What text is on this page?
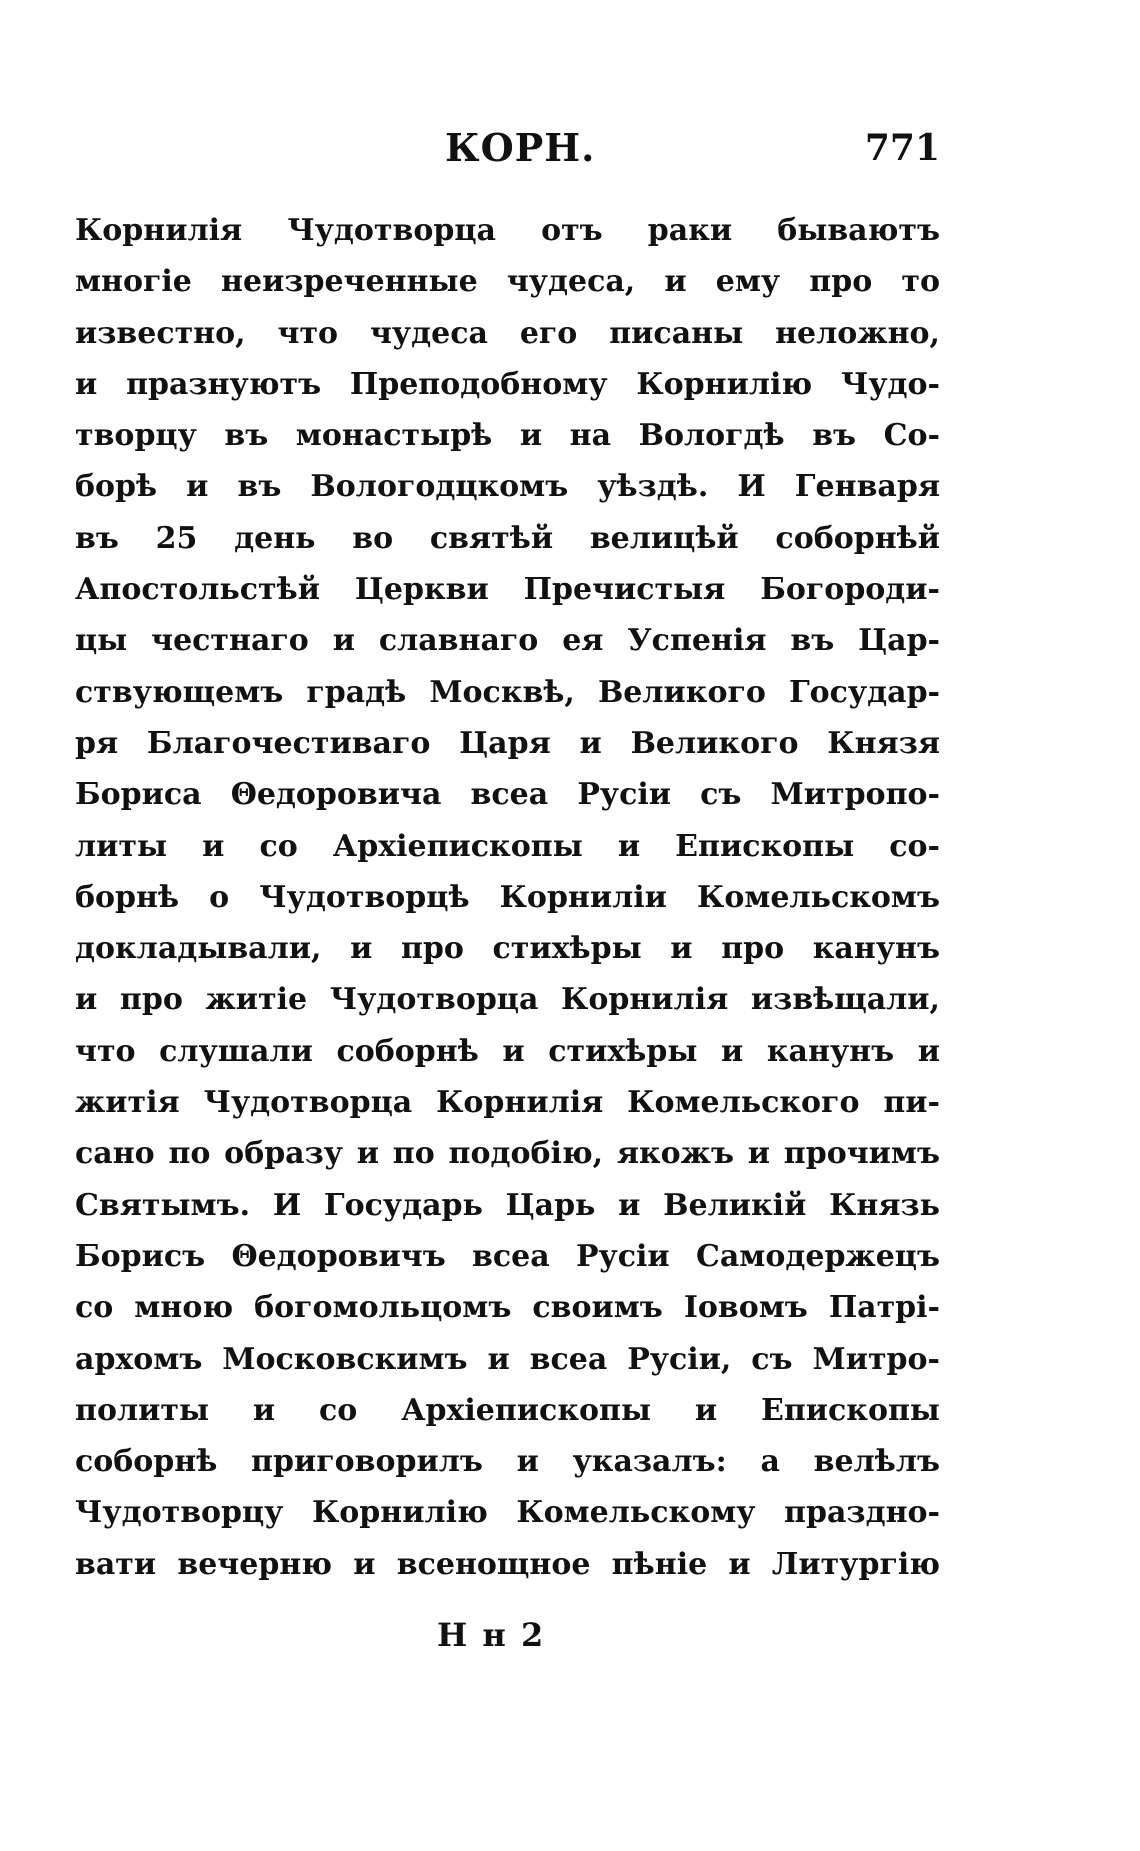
КОРН.	771
Корнилія Чудотворца отъ раки бываютъ
многіе неизреченные чудеса, и ему про то
известно, что чудеса его писаны неложно,
и празнуютъ Преподобному Корнилію Чудо-
творцу въ монастырѣ и на Вологдѣ въ Со-
борѣ и въ Вологодцкомъ уѣздѣ. И Генваря
въ 25 день во святѣй велицѣй соборнѣй
Апостольстѣй Церкви Пречистыя Богороди-
цы честнаго и славнаго ея Успенія въ Цар-
ствующемъ градѣ Москвѣ, Великого Государ-
ря Благочестиваго Царя и Великого Князя
Бориса Θедоровича всеа Русіи съ Митропо-
литы и со Архіепископы и Епископы со-
борнѣ о Чудотворцѣ Корниліи Комельскомъ
докладывали, и про стихѣры и про канунъ
и про житіе Чудотворца Корнилія извѣщали,
что слушали соборнѣ и стихѣры и канунъ и
житія Чудотворца Корнилія Комельского пи-
сано по образу и по подобію, якожъ и прочимъ
Святымъ. И Государь Царь и Великій Князь
Борисъ Θедоровичъ всеа Русіи Самодержецъ
со мною богомольцомъ своимъ Іовомъ Патрі-
архомъ Московскимъ и всеа Русіи, съ Митро-
политы и со Архіепископы и Епископы
соборнѣ приговорилъ и указалъ: а велѣлъ
Чудотворцу Корнилію Комельскому праздно-
вати вечерню и всенощное пѣніе и Литургію
Н н 2
